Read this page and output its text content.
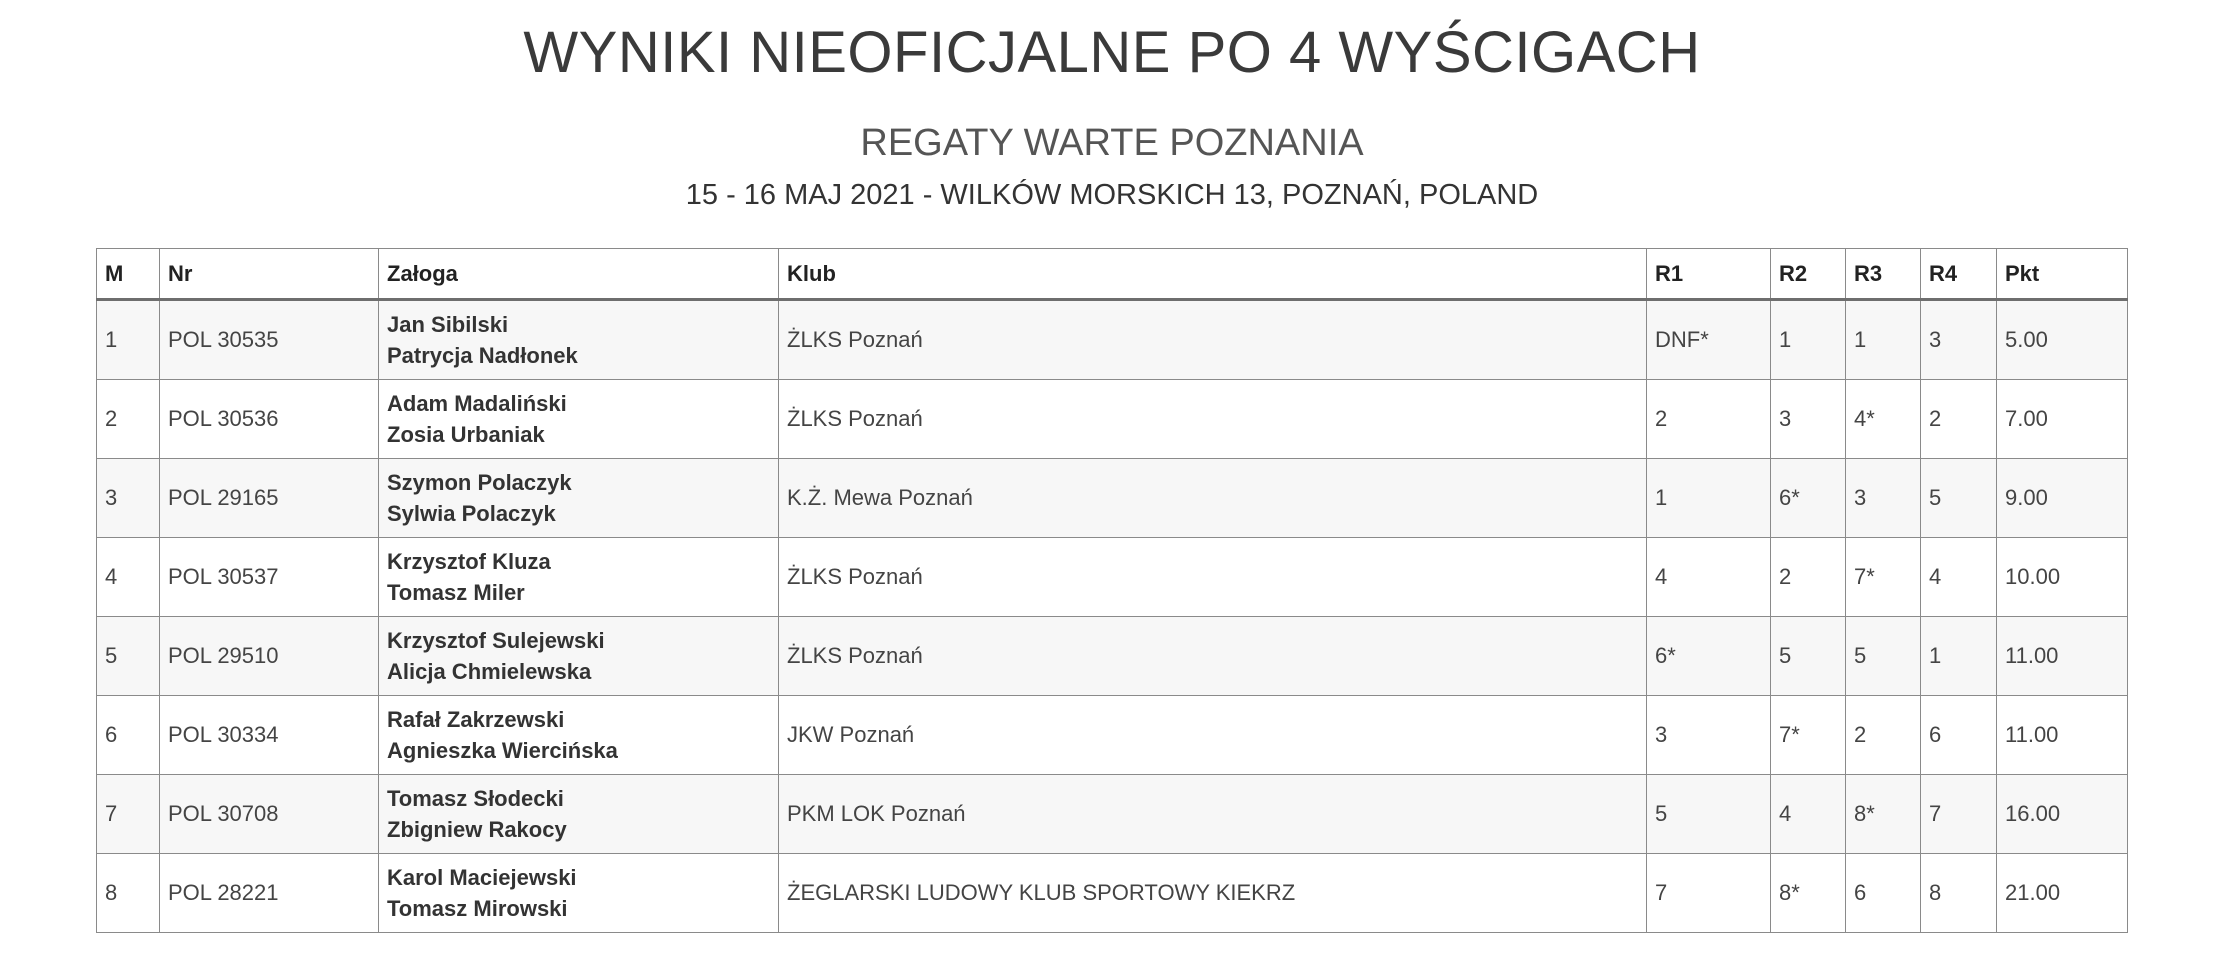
WYNIKI NIEOFICJALNE PO 4 WYŚCIGACH
REGATY WARTE POZNANIA
15 - 16 MAJ 2021 - WILKÓW MORSKICH 13, POZNAŃ, POLAND
M	Nr	Załoga	Klub	R1	R2	R3	R4	Pkt
1	POL 30535	Jan Sibilski
Patrycja Nadłonek	ŻLKS Poznań	DNF*	1	1	3	5.00
2	POL 30536	Adam Madaliński
Zosia Urbaniak	ŻLKS Poznań	2	3	4*	2	7.00
3	POL 29165	Szymon Polaczyk
Sylwia Polaczyk	K.Ż. Mewa Poznań	1	6*	3	5	9.00
4	POL 30537	Krzysztof Kluza
Tomasz Miler	ŻLKS Poznań	4	2	7*	4	10.00
5	POL 29510	Krzysztof Sulejewski
Alicja Chmielewska	ŻLKS Poznań	6*	5	5	1	11.00
6	POL 30334	Rafał Zakrzewski
Agnieszka Wiercińska	JKW Poznań	3	7*	2	6	11.00
7	POL 30708	Tomasz Słodecki
Zbigniew Rakocy	PKM LOK Poznań	5	4	8*	7	16.00
8	POL 28221	Karol Maciejewski
Tomasz Mirowski	ŻEGLARSKI LUDOWY KLUB SPORTOWY KIEKRZ	7	8*	6	8	21.00
